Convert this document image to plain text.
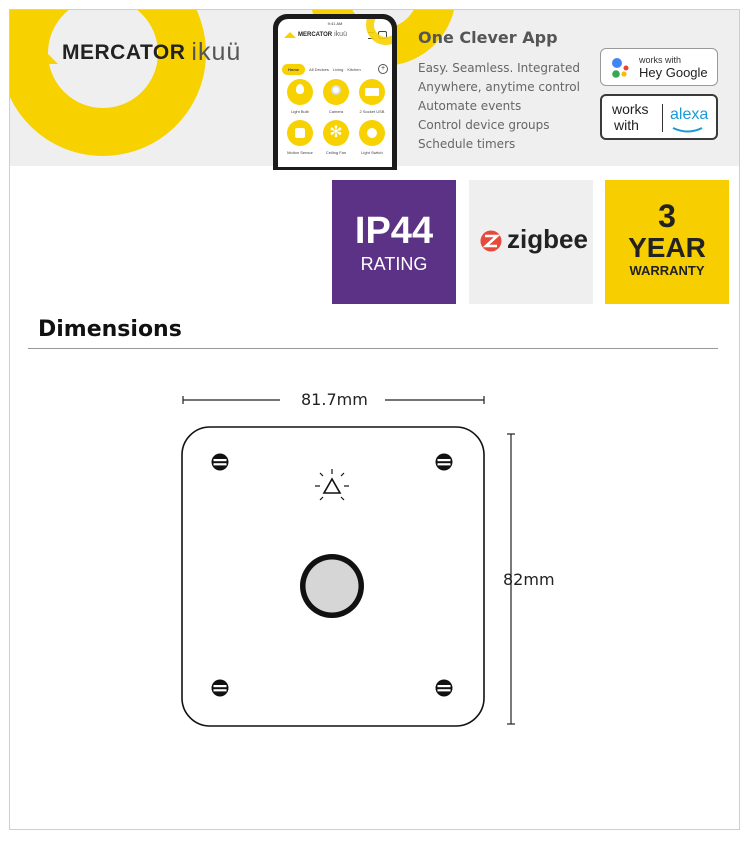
MERCATOR ikuü
9:41 AM
MERCATOR ikuü
Home	All Devices Living Kitchen	+
Light Bulb	Camera	2 Socket USB
Motion Sensor
✻
Ceiling Fan	Light Switch
One Clever App
Easy. Seamless. Integrated
Anywhere, anytime control
Automate events
Control device groups
Schedule timers
works with
Hey Google
works
with
alexa
IP44
RATING
zigbee
3
YEAR
WARRANTY
Dimensions
81.7mm
82mm
